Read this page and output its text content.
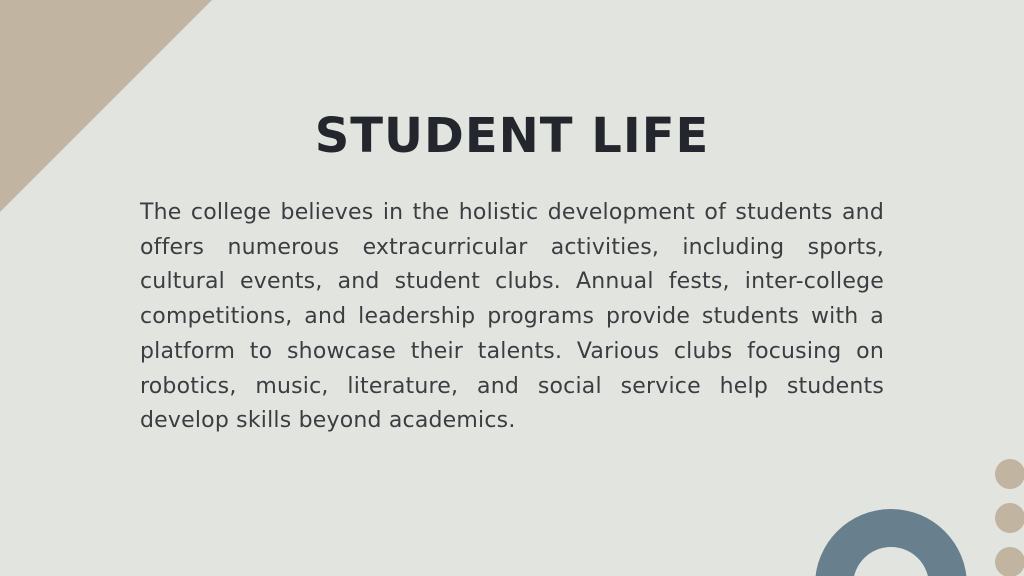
STUDENT LIFE

The college believes in the holistic development of students and offers numerous extracurricular activities, including sports, cultural events, and student clubs. Annual fests, inter-college competitions, and leadership programs provide students with a platform to showcase their talents. Various clubs focusing on robotics, music, literature, and social service help students develop skills beyond academics.
